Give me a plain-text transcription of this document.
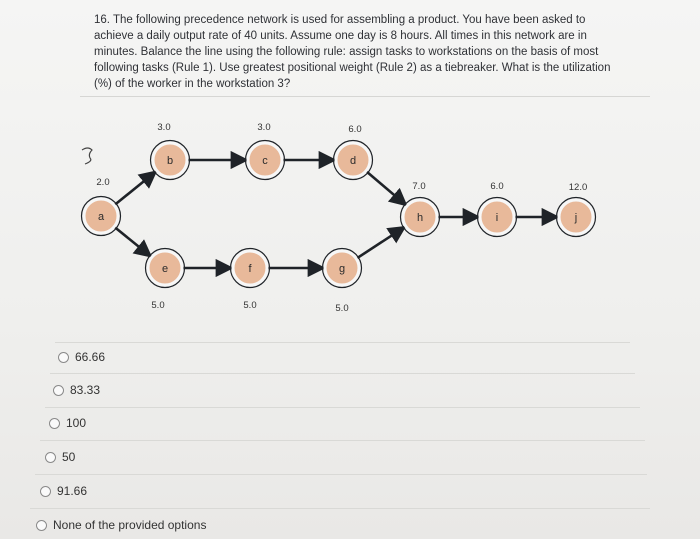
16. The following precedence network is used for assembling a product. You have been asked to achieve a daily output rate of 40 units. Assume one day is 8 hours. All times in this network are in minutes. Balance the line using the following rule: assign tasks to workstations on the basis of most following tasks (Rule 1). Use greatest positional weight (Rule 2) as a tiebreaker. What is the utilization (%) of the worker in the workstation 3?
a
2.0
b
3.0
c
3.0
d
6.0
e
5.0
f
5.0
g
5.0
h
7.0
i
6.0
j
12.0
66.66
83.33
100
50
91.66
None of the provided options
